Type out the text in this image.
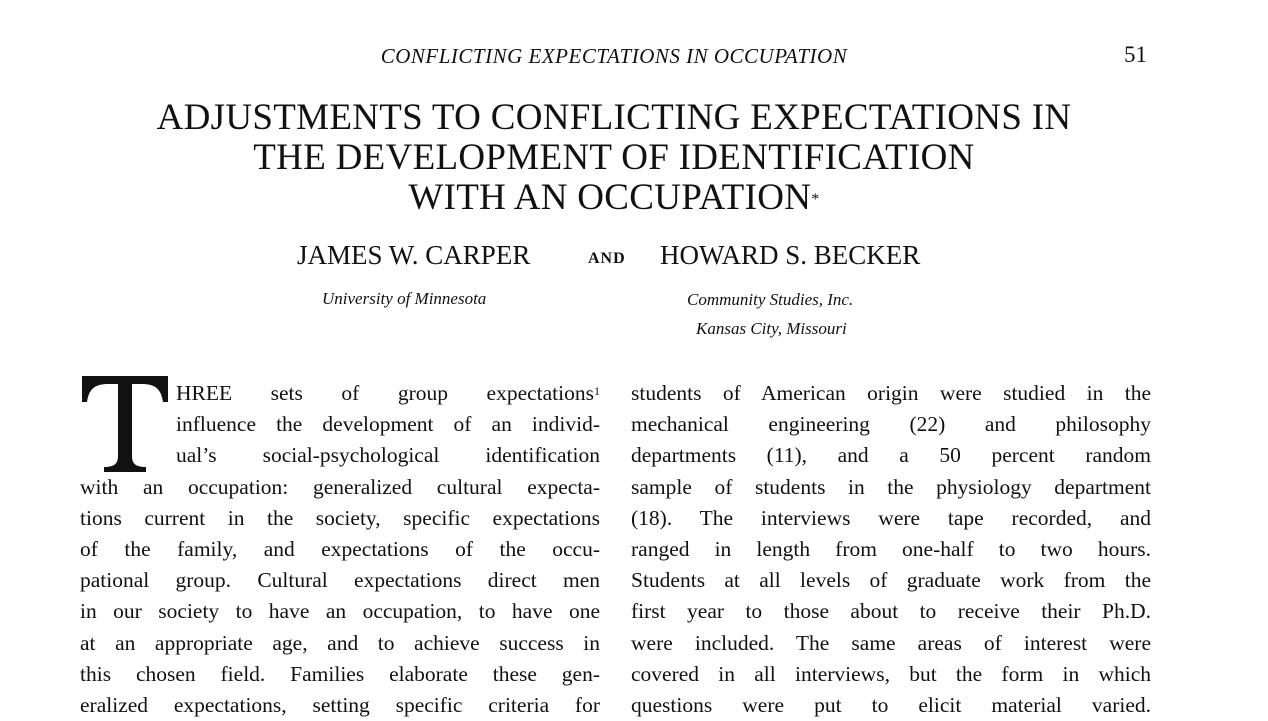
CONFLICTING EXPECTATIONS IN OCCUPATION	51
ADJUSTMENTS TO CONFLICTING EXPECTATIONS IN
THE DEVELOPMENT OF IDENTIFICATION
WITH AN OCCUPATION*
JAMES W. CARPER	AND HOWARD S. BECKER
University of Minnesota	Community Studies, Inc.
Kansas City, Missouri
HREE sets of group expectations$^1$
influence the development of an individ-
ual’s social-psychological identification
with an occupation: generalized cultural expecta-
tions current in the society, specific expectations
of the family, and expectations of the occu-
pational group. Cultural expectations direct men
in our society to have an occupation, to have one
at an appropriate age, and to achieve success in
this chosen field. Families elaborate these gen-
eralized expectations, setting specific criteria for
students of American origin were studied in the
mechanical engineering (22) and philosophy
departments (11), and a 50 percent random
sample of students in the physiology department
(18). The interviews were tape recorded, and
ranged in length from one-half to two hours.
Students at all levels of graduate work from the
first year to those about to receive their Ph.D.
were included. The same areas of interest were
covered in all interviews, but the form in which
questions were put to elicit material varied.
